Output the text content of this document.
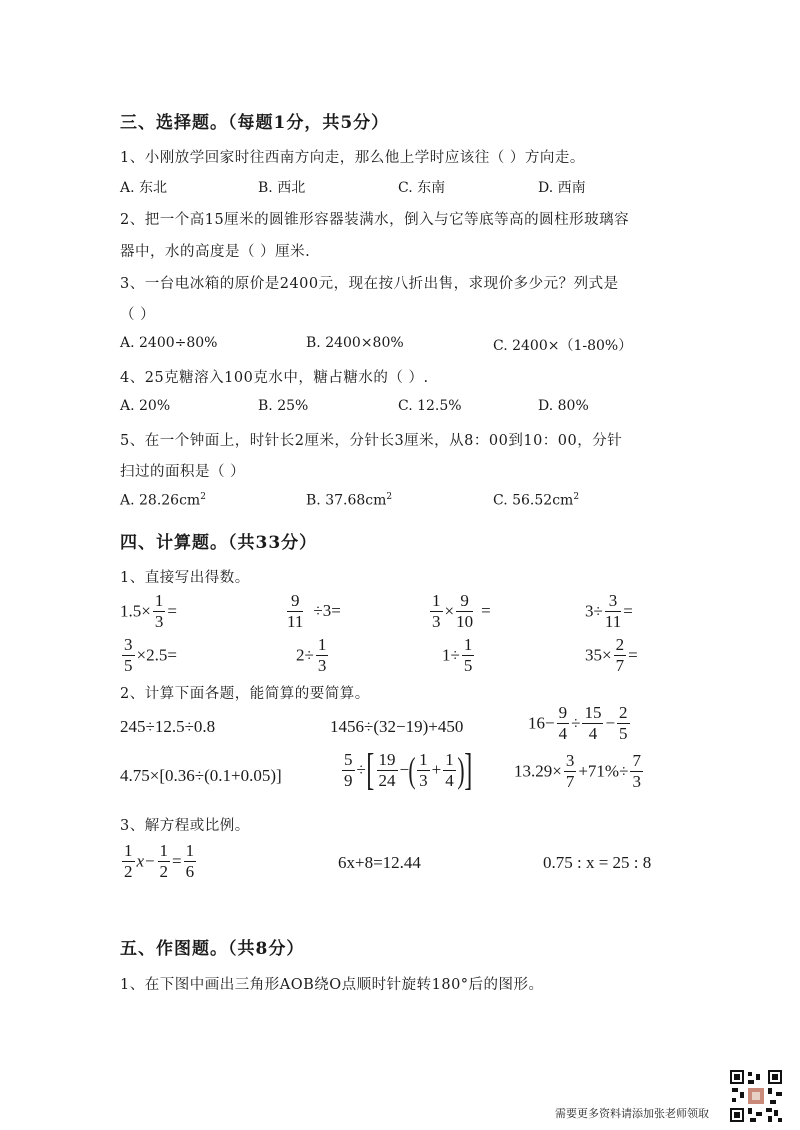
三、选择题。（每题1分，共5分）
1、小刚放学回家时往西南方向走，那么他上学时应该往（ ）方向走。
A. 东北	B. 西北	C. 东南	D. 西南
2、把一个高15厘米的圆锥形容器装满水，倒入与它等底等高的圆柱形玻璃容
器中，水的高度是（ ）厘米.
3、一台电冰箱的原价是2400元，现在按八折出售，求现价多少元？列式是
（ ）
A. 2400÷80%	B. 2400×80%	C. 2400×（1-80%）
4、25克糖溶入100克水中，糖占糖水的（ ）.
A. 20%	B. 25%	C. 12.5%	D. 80%
5、在一个钟面上，时针长2厘米，分针长3厘米，从8：00到10：00，分针
扫过的面积是（ ）
A. $28.26cm^2$	B. $37.68cm^2$	C. $56.52cm^2$
四、计算题。（共33分）
1、直接写出得数。
$1.5\times \frac{1}{3}$ =	$\frac{9}{11} \div 3=$	$\frac{1}{3} \times \frac{9}{10}$ =	$3\div \frac{3}{11}$ =
$\frac{3}{5} \times 2.5=$	$2\div \frac{1}{3}$	$1\div \frac{1}{5}$	$35\times \frac{2}{7}$ =
2、计算下面各题，能简算的要简算。
245÷12.5÷0.8	1456÷(32−19)+450	$16- \frac{9}{4} \div \frac{15}{4} - \frac{2}{5}$
4.75×[0.36÷(0.1+0.05)]	$\frac{5}{9}$ ÷[ $\frac{19}{24}$ −( $\frac{1}{3} + \frac{1}{4}$ )] $13.29\times \frac{3}{7} +71\%\div \frac{7}{3}$
3、解方程或比例。
$\frac{1}{2} x- \frac{1}{2} = \frac{1}{6}$	6x+8=12.44	0.75 : x = 25 : 8
五、作图题。（共8分）
1、在下图中画出三角形AOB绕O点顺时针旋转180°后的图形。
需要更多资料请添加张老师领取
